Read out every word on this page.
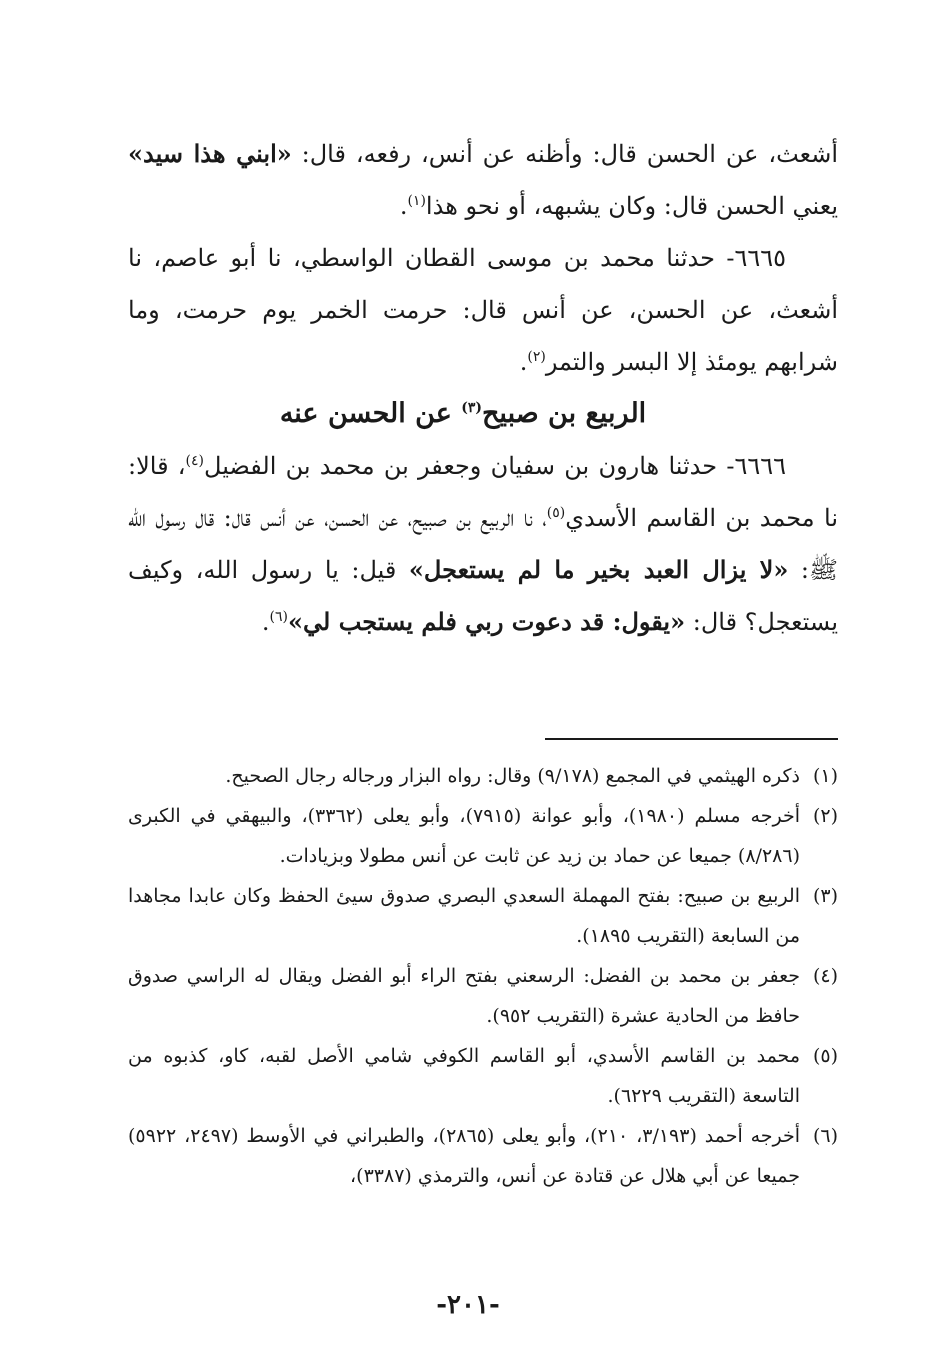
أشعث، عن الحسن قال: وأظنه عن أنس، رفعه، قال: «ابني هذا سيد» يعني الحسن قال: وكان يشبهه، أو نحو هذا$^{(١)}$.

٦٦٦٥- حدثنا محمد بن موسى القطان الواسطي، نا أبو عاصم، نا أشعث، عن الحسن، عن أنس قال: حرمت الخمر يوم حرمت، وما شرابهم يومئذ إلا البسر والتمر$^{(٢)}$.

الربيع بن صبيح$^{(٣)}$ عن الحسن عنه

٦٦٦٦- حدثنا هارون بن سفيان وجعفر بن محمد بن الفضيل$^{(٤)}$، قالا: نا محمد بن القاسم الأسدي$^{(٥)}$، نا الربيع بن صبيح، عن الحسن، عن أنس قال: قال رسول الله ﷺ: «لا يزال العبد بخير ما لم يستعجل» قيل: يا رسول الله، وكيف يستعجل؟ قال: «يقول: قد دعوت ربي فلم يستجب لي»$^{(٦)}$.

(١)
ذكره الهيثمي في المجمع (٩/١٧٨) وقال: رواه البزار ورجاله رجال الصحيح.

(٢)
أخرجه مسلم (١٩٨٠)، وأبو عوانة (٧٩١٥)، وأبو يعلى (٣٣٦٢)، والبيهقي في الكبرى (٨/٢٨٦) جميعا عن حماد بن زيد عن ثابت عن أنس مطولا وبزيادات.

(٣)
الربيع بن صبيح: بفتح المهملة السعدي البصري صدوق سيئ الحفظ وكان عابدا مجاهدا من السابعة (التقريب ١٨٩٥).

(٤)
جعفر بن محمد بن الفضل: الرسعني بفتح الراء أبو الفضل ويقال له الراسي صدوق حافظ من الحادية عشرة (التقريب ٩٥٢).

(٥)
محمد بن القاسم الأسدي، أبو القاسم الكوفي شامي الأصل لقبه، كاو، كذبوه من التاسعة (التقريب ٦٢٢٩).

(٦)
أخرجه أحمد (٣/١٩٣، ٢١٠)، وأبو يعلى (٢٨٦٥)، والطبراني في الأوسط (٢٤٩٧، ٥٩٢٢) جميعا عن أبي هلال عن قتادة عن أنس، والترمذي (٣٣٨٧)،

-٢٠١-
